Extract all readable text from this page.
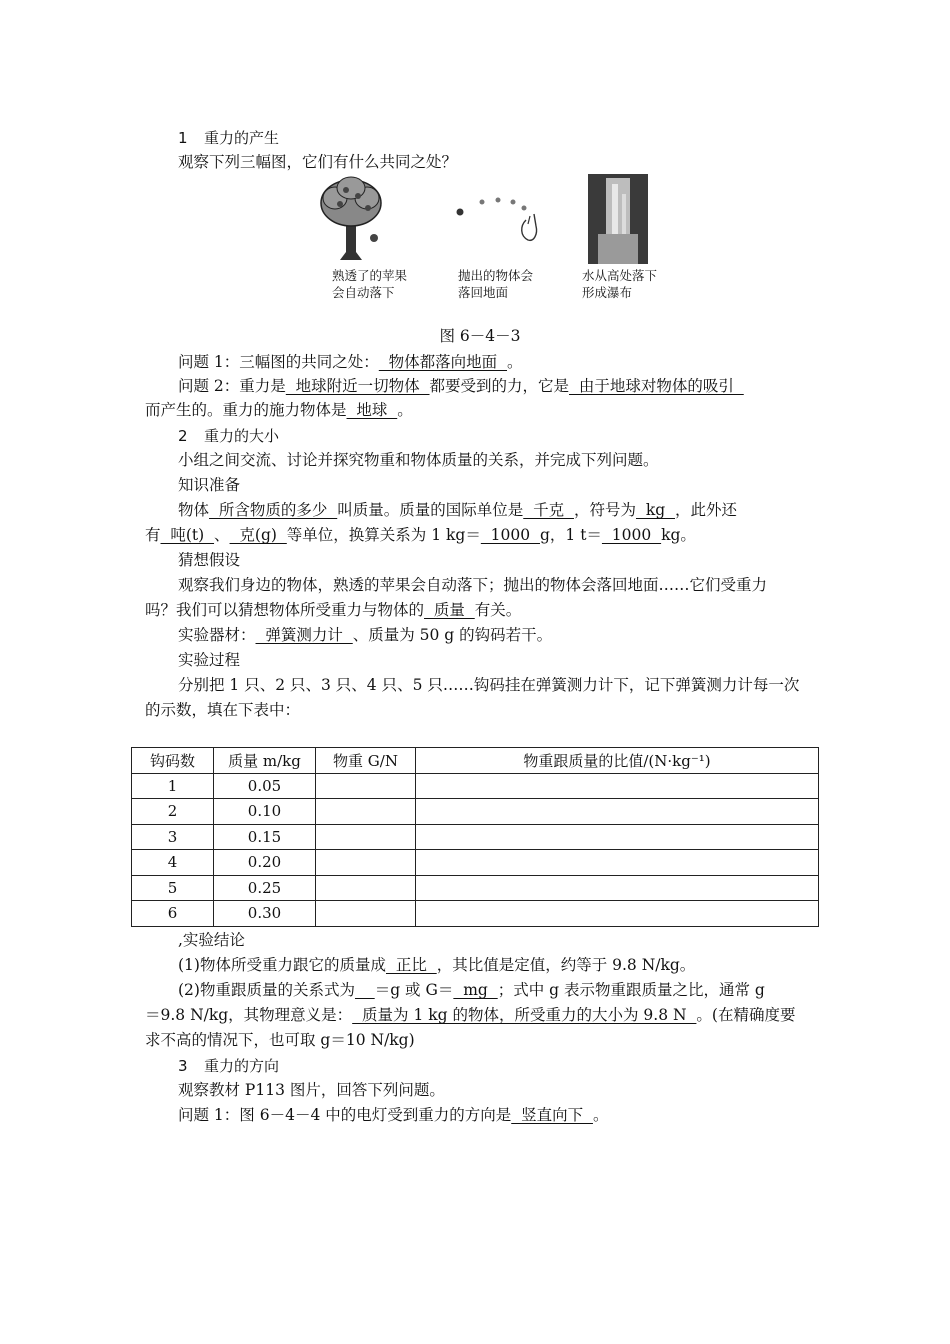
1 重力的产生
观察下列三幅图，它们有什么共同之处？
熟透了的苹果
会自动落下
抛出的物体会
落回地面
水从高处落下
形成瀑布
图 6－4－3
问题 1：三幅图的共同之处：  物体都落向地面  。
问题 2：重力是  地球附近一切物体  都要受到的力，它是  由于地球对物体的吸引
而产生的。重力的施力物体是  地球  。
2 重力的大小
小组之间交流、讨论并探究物重和物体质量的关系，并完成下列问题。
知识准备
物体  所含物质的多少  叫质量。质量的国际单位是  千克  ，符号为  kg  ，此外还
有  吨(t)  、  克(g)  等单位，换算关系为 1 kg＝  1000  g，1 t＝  1000  kg。
猜想假设
观察我们身边的物体，熟透的苹果会自动落下；抛出的物体会落回地面……它们受重力
吗？我们可以猜想物体所受重力与物体的  质量  有关。
实验器材：  弹簧测力计  、质量为 50 g 的钩码若干。
实验过程
分别把 1 只、2 只、3 只、4 只、5 只……钩码挂在弹簧测力计下，记下弹簧测力计每一次
的示数，填在下表中：
钩码数	质量 m/kg	物重 G/N	物重跟质量的比值/(N·kg⁻¹)
1	0.05		
2	0.10		
3	0.15		
4	0.20		
5	0.25		
6	0.30		
,实验结论
(1)物体所受重力跟它的质量成  正比  ，其比值是定值，约等于 9.8 N/kg。
(2)物重跟质量的关系式为 ＝g 或 G＝  mg  ；式中 g 表示物重跟质量之比，通常 g
＝9.8 N/kg，其物理意义是：  质量为 1 kg 的物体，所受重力的大小为 9.8 N  。(在精确度要
求不高的情况下，也可取 g＝10 N/kg)
3 重力的方向
观察教材 P113 图片，回答下列问题。
问题 1：图 6－4－4 中的电灯受到重力的方向是  竖直向下  。
